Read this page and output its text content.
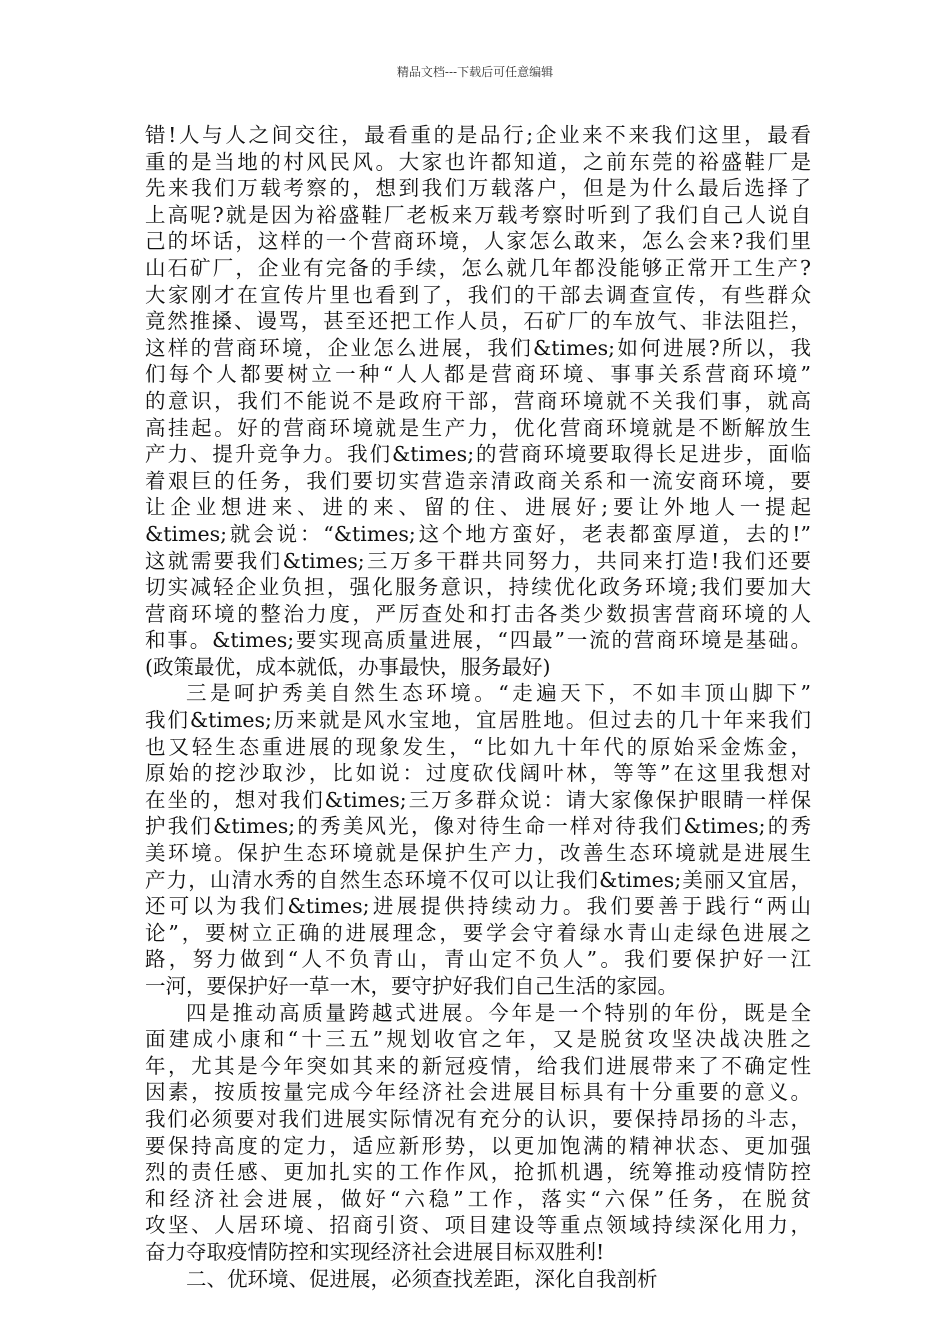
精品文档---下载后可任意编辑
错!人与人之间交往，最看重的是品行;企业来不来我们这里，最看
重的是当地的村风民风。大家也许都知道，之前东莞的裕盛鞋厂是
先来我们万载考察的，想到我们万载落户，但是为什么最后选择了
上高呢?就是因为裕盛鞋厂老板来万载考察时听到了我们自己人说自
己的坏话，这样的一个营商环境，人家怎么敢来，怎么会来?我们里
山石矿厂，企业有完备的手续，怎么就几年都没能够正常开工生产?
大家刚才在宣传片里也看到了，我们的干部去调查宣传，有些群众
竟然推搡、谩骂，甚至还把工作人员，石矿厂的车放气、非法阻拦，
这样的营商环境，企业怎么进展，我们&times;如何进展?所以，我
们每个人都要树立一种“人人都是营商环境、事事关系营商环境”
的意识，我们不能说不是政府干部，营商环境就不关我们事，就高
高挂起。好的营商环境就是生产力，优化营商环境就是不断解放生
产力、提升竞争力。我们&times;的营商环境要取得长足进步，面临
着艰巨的任务，我们要切实营造亲清政商关系和一流安商环境，要
让企业想进来、进的来、留的住、进展好;要让外地人一提起
&times;就会说：“&times;这个地方蛮好，老表都蛮厚道，去的!”
这就需要我们&times;三万多干群共同努力，共同来打造!我们还要
切实减轻企业负担，强化服务意识，持续优化政务环境;我们要加大
营商环境的整治力度，严厉查处和打击各类少数损害营商环境的人
和事。&times;要实现高质量进展，“四最”一流的营商环境是基础。
(政策最优，成本就低，办事最快，服务最好)
三是呵护秀美自然生态环境。“走遍天下，不如丰顶山脚下”
我们&times;历来就是风水宝地，宜居胜地。但过去的几十年来我们
也又轻生态重进展的现象发生，“比如九十年代的原始采金炼金，
原始的挖沙取沙，比如说：过度砍伐阔叶林，等等”在这里我想对
在坐的，想对我们&times;三万多群众说：请大家像保护眼睛一样保
护我们&times;的秀美风光，像对待生命一样对待我们&times;的秀
美环境。保护生态环境就是保护生产力，改善生态环境就是进展生
产力，山清水秀的自然生态环境不仅可以让我们&times;美丽又宜居，
还可以为我们&times;进展提供持续动力。我们要善于践行“两山
论”，要树立正确的进展理念，要学会守着绿水青山走绿色进展之
路，努力做到“人不负青山，青山定不负人”。我们要保护好一江
一河，要保护好一草一木，要守护好我们自己生活的家园。
四是推动高质量跨越式进展。今年是一个特别的年份，既是全
面建成小康和“十三五”规划收官之年，又是脱贫攻坚决战决胜之
年，尤其是今年突如其来的新冠疫情，给我们进展带来了不确定性
因素，按质按量完成今年经济社会进展目标具有十分重要的意义。
我们必须要对我们进展实际情况有充分的认识，要保持昂扬的斗志，
要保持高度的定力，适应新形势，以更加饱满的精神状态、更加强
烈的责任感、更加扎实的工作作风，抢抓机遇，统筹推动疫情防控
和经济社会进展，做好“六稳”工作，落实“六保”任务，在脱贫
攻坚、人居环境、招商引资、项目建设等重点领域持续深化用力，
奋力夺取疫情防控和实现经济社会进展目标双胜利!
二、优环境、促进展，必须查找差距，深化自我剖析
